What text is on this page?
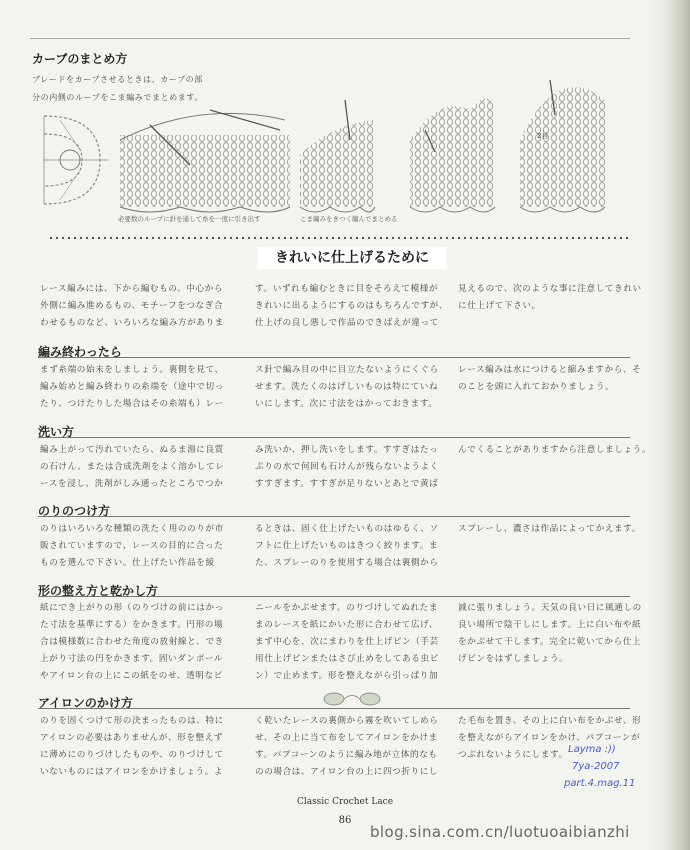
カーブのまとめ方
ブレードをカーブさせるときは、カーブの部
分の内側のループをこま編みでまとめます。
2目
必要数のループに針を通して糸を一度に引き出す	こま編みをきつく編んでまとめる
きれいに仕上げるために
レース編みには、下から編むもの、中心から
外側に編み進めるもの、モチーフをつなぎ合
わせるものなど、いろいろな編み方がありま
す。いずれも編むときに目をそろえて模様が
きれいに出るようにするのはもちろんですが、
仕上げの良し悪しで作品のできばえが違って
見えるので、次のような事に注意してきれい
に仕上げて下さい。
編み終わったら
まず糸端の始末をしましょう。裏側を見て、
編み始めと編み終わりの糸端を（途中で切っ
たり、つけたりした場合はその糸端も）レー
ス針で編み目の中に目立たないようにくぐら
せます。洗たくのはげしいものは特にていね
いにします。次に寸法をはかっておきます。
レース編みは水につけると縮みますから、そ
のことを頭に入れておかりましょう。
洗い方
編み上がって汚れていたら、ぬるま湯に良質
の石けん、または合成洗剤をよく溶かしてレ
ースを浸し、洗剤がしみ通ったところでつか
み洗いか、押し洗いをします。すすぎはたっ
ぷりの水で何回も石けんが残らないようよく
すすぎます。すすぎが足りないとあとで黄ば
んでくることがありますから注意しましょう。
のりのつけ方
のりはいろいろな種類の洗たく用ののりが市
販されていますので、レースの目的に合った
ものを選んで下さい。仕上げたい作品を綾
るときは、固く仕上げたいものはゆるく、ソ
フトに仕上げたいものはきつく絞ります。ま
た、スプレーのりを使用する場合は裏側から
スプレーし、濃さは作品によってかえます。
形の整え方と乾かし方
紙にでき上がりの形（のりづけの前にはかっ
た寸法を基準にする）をかきます。円形の場
合は模様数に合わせた角度の放射線と、でき
上がり寸法の円をかきます。固いダンボール
やアイロン台の上にこの紙をのせ、透明なビ
ニールをかぶせます。のりづけしてぬれたま
まのレースを紙にかいた形に合わせて広げ、
まず中心を、次にまわりを仕上げピン（手芸
用仕上げピンまたはさび止めをしてある虫ピ
ン）で止めます。形を整えながら引っぱり加
減に張りましょう。天気の良い日に風通しの
良い場所で陰干しにします。上に白い布や紙
をかぶせて干します。完全に乾いてから仕上
げピンをはずしましょう。
アイロンのかけ方
のりを固くつけて形の決まったものは、特に
アイロンの必要はありませんが、形を整えず
に薄めにのりづけしたものや、のりづけして
いないものにはアイロンをかけましょう。よ
く乾いたレースの裏側から霧を吹いてしめら
せ、その上に当て布をしてアイロンをかけま
す。パプコーンのように編み地が立体的なも
のの場合は、アイロン台の上に四つ折りにし
た毛布を置き、その上に白い布をかぶせ、形
を整えながらアイロンをかけ、パプコーンが
つぶれないようにします。 Layma :))
7ya-2007
part.4.mag.11
Classic Crochet Lace
86
blog.sina.com.cn/luotuoaibianzhi
